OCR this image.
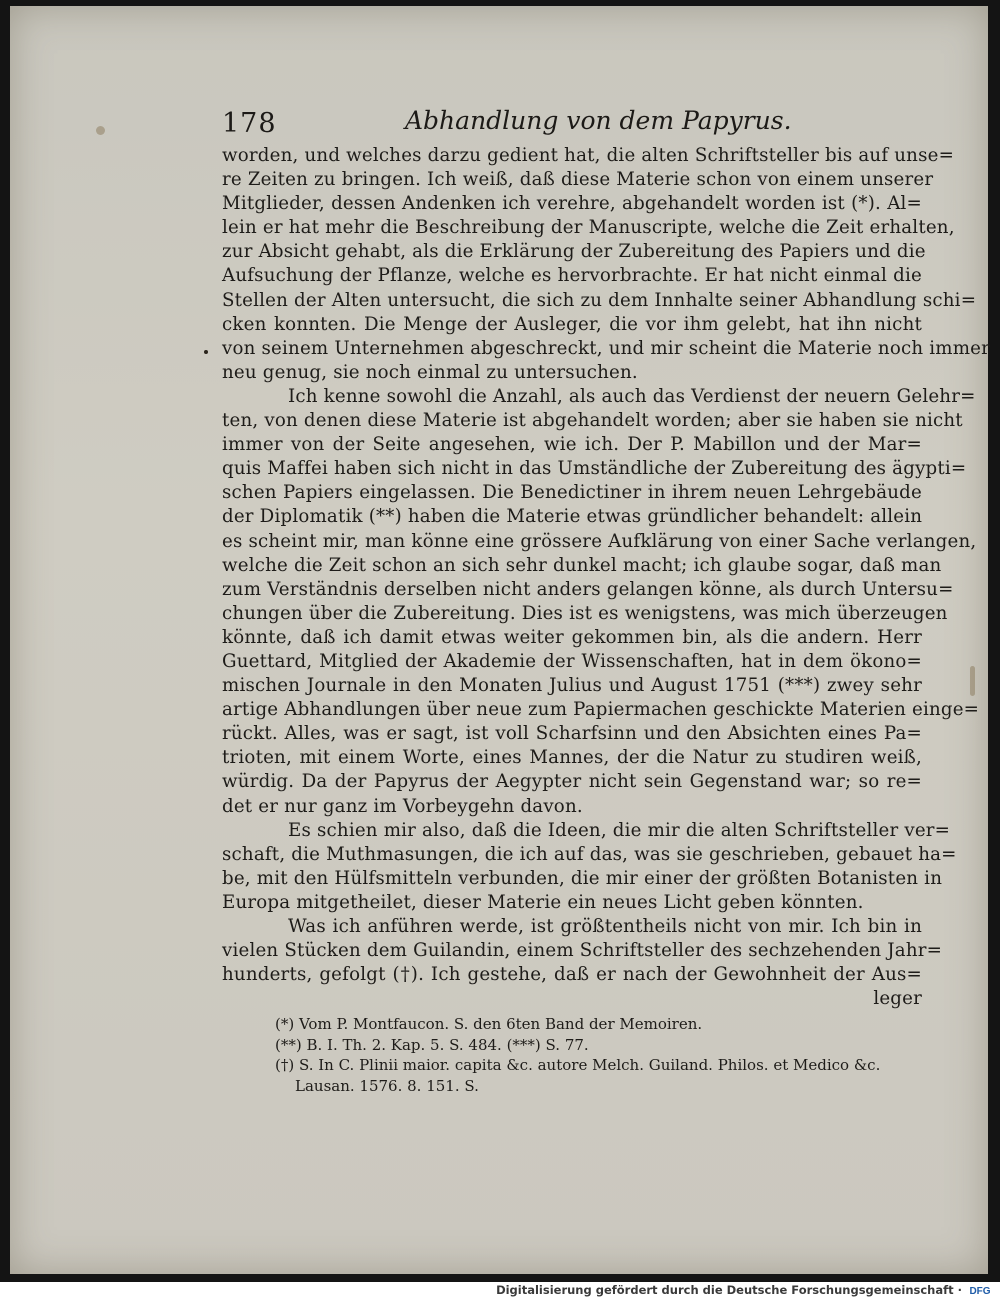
178	Abhandlung von dem Papyrus.
worden, und welches darzu gedient hat, die alten Schriftsteller bis auf unse=
re Zeiten zu bringen. Ich weiß, daß diese Materie schon von einem unserer
Mitglieder, dessen Andenken ich verehre, abgehandelt worden ist (*). Al=
lein er hat mehr die Beschreibung der Manuscripte, welche die Zeit erhalten,
zur Absicht gehabt, als die Erklärung der Zubereitung des Papiers und die
Aufsuchung der Pflanze, welche es hervorbrachte. Er hat nicht einmal die
Stellen der Alten untersucht, die sich zu dem Innhalte seiner Abhandlung schi=
cken konnten. Die Menge der Ausleger, die vor ihm gelebt, hat ihn nicht
von seinem Unternehmen abgeschreckt, und mir scheint die Materie noch immer
neu genug, sie noch einmal zu untersuchen.
Ich kenne sowohl die Anzahl, als auch das Verdienst der neuern Gelehr=
ten, von denen diese Materie ist abgehandelt worden; aber sie haben sie nicht
immer von der Seite angesehen, wie ich. Der P. Mabillon und der Mar=
quis Maffei haben sich nicht in das Umständliche der Zubereitung des ägypti=
schen Papiers eingelassen. Die Benedictiner in ihrem neuen Lehrgebäude
der Diplomatik (**) haben die Materie etwas gründlicher behandelt: allein
es scheint mir, man könne eine grössere Aufklärung von einer Sache verlangen,
welche die Zeit schon an sich sehr dunkel macht; ich glaube sogar, daß man
zum Verständnis derselben nicht anders gelangen könne, als durch Untersu=
chungen über die Zubereitung. Dies ist es wenigstens, was mich überzeugen
könnte, daß ich damit etwas weiter gekommen bin, als die andern. Herr
Guettard, Mitglied der Akademie der Wissenschaften, hat in dem ökono=
mischen Journale in den Monaten Julius und August 1751 (***) zwey sehr
artige Abhandlungen über neue zum Papiermachen geschickte Materien einge=
rückt. Alles, was er sagt, ist voll Scharfsinn und den Absichten eines Pa=
trioten, mit einem Worte, eines Mannes, der die Natur zu studiren weiß,
würdig. Da der Papyrus der Aegypter nicht sein Gegenstand war; so re=
det er nur ganz im Vorbeygehn davon.
Es schien mir also, daß die Ideen, die mir die alten Schriftsteller ver=
schaft, die Muthmasungen, die ich auf das, was sie geschrieben, gebauet ha=
be, mit den Hülfsmitteln verbunden, die mir einer der größten Botanisten in
Europa mitgetheilet, dieser Materie ein neues Licht geben könnten.
Was ich anführen werde, ist größtentheils nicht von mir. Ich bin in
vielen Stücken dem Guilandin, einem Schriftsteller des sechzehenden Jahr=
hunderts, gefolgt (†). Ich gestehe, daß er nach der Gewohnheit der Aus=
leger
(*) Vom P. Montfaucon. S. den 6ten Band der Memoiren.
(**) B. I. Th. 2. Kap. 5. S. 484. (***) S. 77.
(†) S. In C. Plinii maior. capita &c. autore Melch. Guiland. Philos. et Medico &c.
Lausan. 1576. 8. 151. S.
Digitalisierung gefördert durch die Deutsche Forschungsgemeinschaft · DFG
